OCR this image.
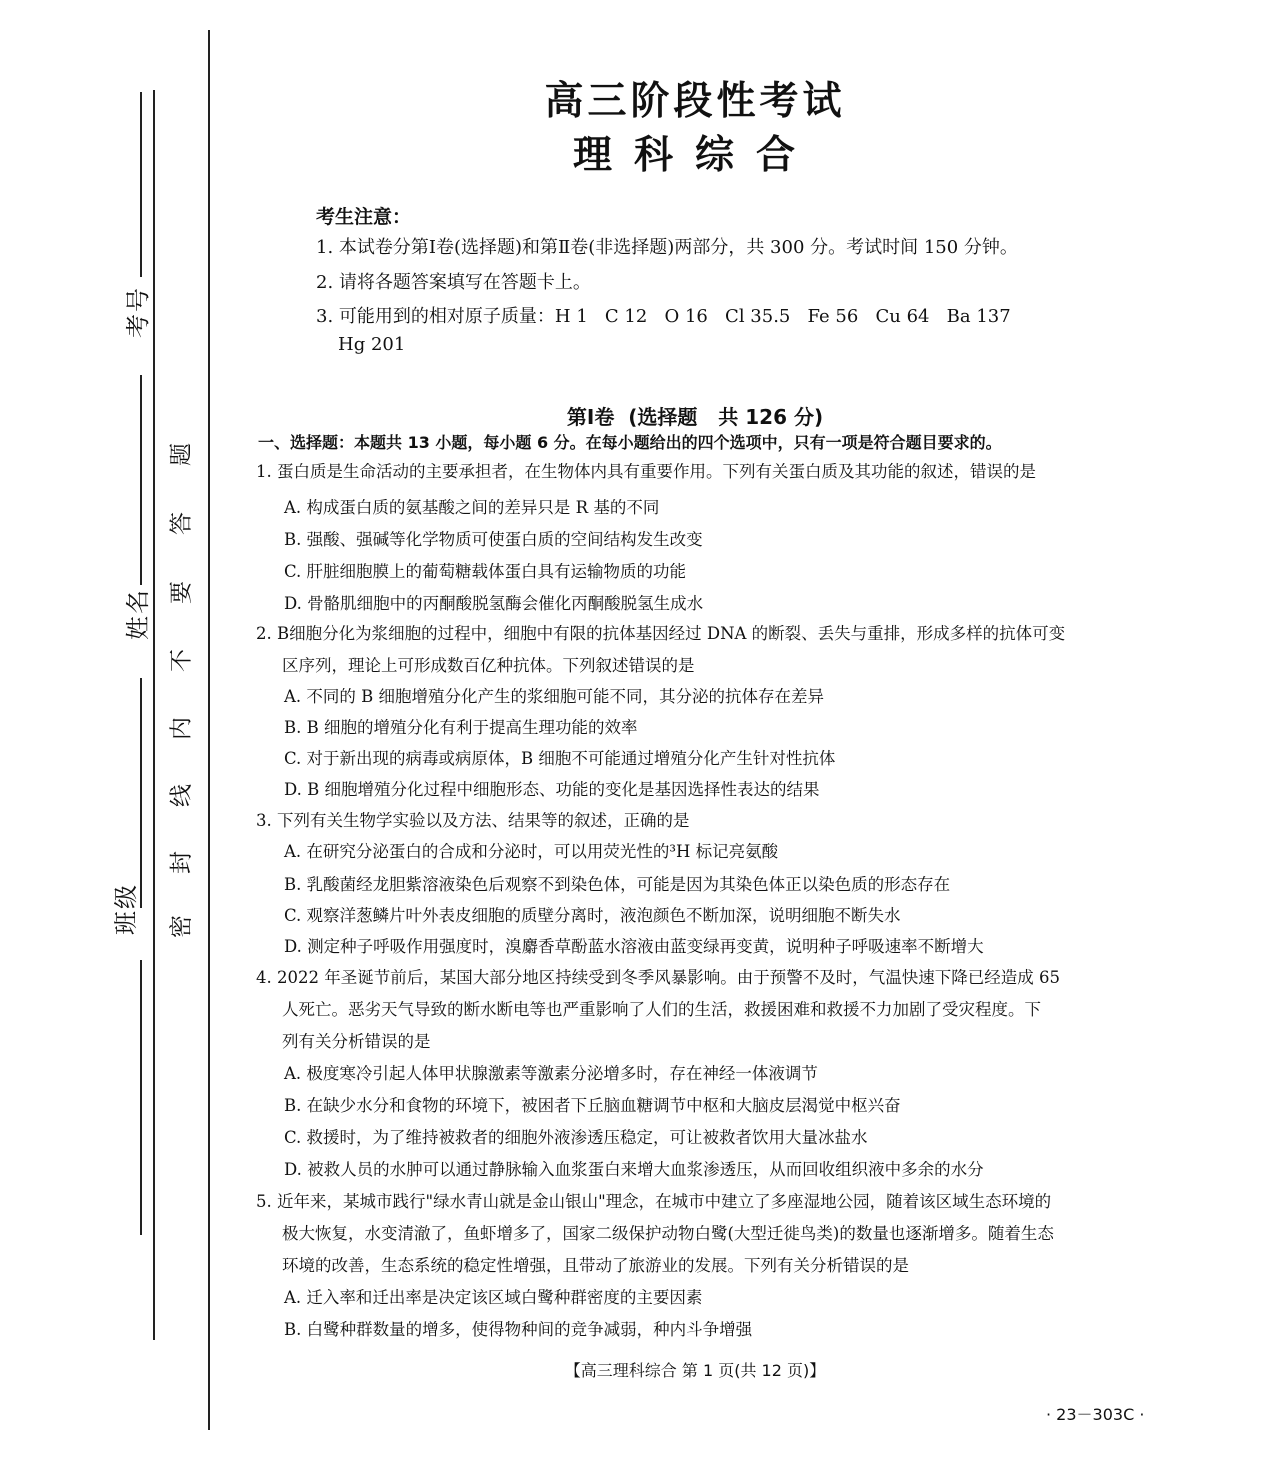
考号
姓名
班级 密
封
线
内
不
要
答
题
高三阶段性考试
理科综合
考生注意：
1. 本试卷分第Ⅰ卷(选择题)和第Ⅱ卷(非选择题)两部分，共 300 分。考试时间 150 分钟。
2. 请将各题答案填写在答题卡上。
3. 可能用到的相对原子质量：H 1   C 12   O 16   Cl 35.5   Fe 56   Cu 64   Ba 137
Hg 201
第Ⅰ卷  (选择题   共 126 分)
一、选择题：本题共 13 小题，每小题 6 分。在每小题给出的四个选项中，只有一项是符合题目要求的。
1. 蛋白质是生命活动的主要承担者，在生物体内具有重要作用。下列有关蛋白质及其功能的叙述，错误的是
A. 构成蛋白质的氨基酸之间的差异只是 R 基的不同
B. 强酸、强碱等化学物质可使蛋白质的空间结构发生改变
C. 肝脏细胞膜上的葡萄糖载体蛋白具有运输物质的功能
D. 骨骼肌细胞中的丙酮酸脱氢酶会催化丙酮酸脱氢生成水
2. B细胞分化为浆细胞的过程中，细胞中有限的抗体基因经过 DNA 的断裂、丢失与重排，形成多样的抗体可变
区序列，理论上可形成数百亿种抗体。下列叙述错误的是
A. 不同的 B 细胞增殖分化产生的浆细胞可能不同，其分泌的抗体存在差异
B. B 细胞的增殖分化有利于提高生理功能的效率
C. 对于新出现的病毒或病原体，B 细胞不可能通过增殖分化产生针对性抗体
D. B 细胞增殖分化过程中细胞形态、功能的变化是基因选择性表达的结果
3. 下列有关生物学实验以及方法、结果等的叙述，正确的是
A. 在研究分泌蛋白的合成和分泌时，可以用荧光性的³H 标记亮氨酸
B. 乳酸菌经龙胆紫溶液染色后观察不到染色体，可能是因为其染色体正以染色质的形态存在
C. 观察洋葱鳞片叶外表皮细胞的质壁分离时，液泡颜色不断加深，说明细胞不断失水
D. 测定种子呼吸作用强度时，溴麝香草酚蓝水溶液由蓝变绿再变黄，说明种子呼吸速率不断增大
4. 2022 年圣诞节前后，某国大部分地区持续受到冬季风暴影响。由于预警不及时，气温快速下降已经造成 65
人死亡。恶劣天气导致的断水断电等也严重影响了人们的生活，救援困难和救援不力加剧了受灾程度。下
列有关分析错误的是
A. 极度寒冷引起人体甲状腺激素等激素分泌增多时，存在神经一体液调节
B. 在缺少水分和食物的环境下，被困者下丘脑血糖调节中枢和大脑皮层渴觉中枢兴奋
C. 救援时，为了维持被救者的细胞外液渗透压稳定，可让被救者饮用大量冰盐水
D. 被救人员的水肿可以通过静脉输入血浆蛋白来增大血浆渗透压，从而回收组织液中多余的水分
5. 近年来，某城市践行"绿水青山就是金山银山"理念，在城市中建立了多座湿地公园，随着该区域生态环境的
极大恢复，水变清澈了，鱼虾增多了，国家二级保护动物白鹭(大型迁徙鸟类)的数量也逐渐增多。随着生态
环境的改善，生态系统的稳定性增强，且带动了旅游业的发展。下列有关分析错误的是
A. 迁入率和迁出率是决定该区域白鹭种群密度的主要因素
B. 白鹭种群数量的增多，使得物种间的竞争减弱，种内斗争增强
【高三理科综合 第 1 页(共 12 页)】
· 23－303C ·
